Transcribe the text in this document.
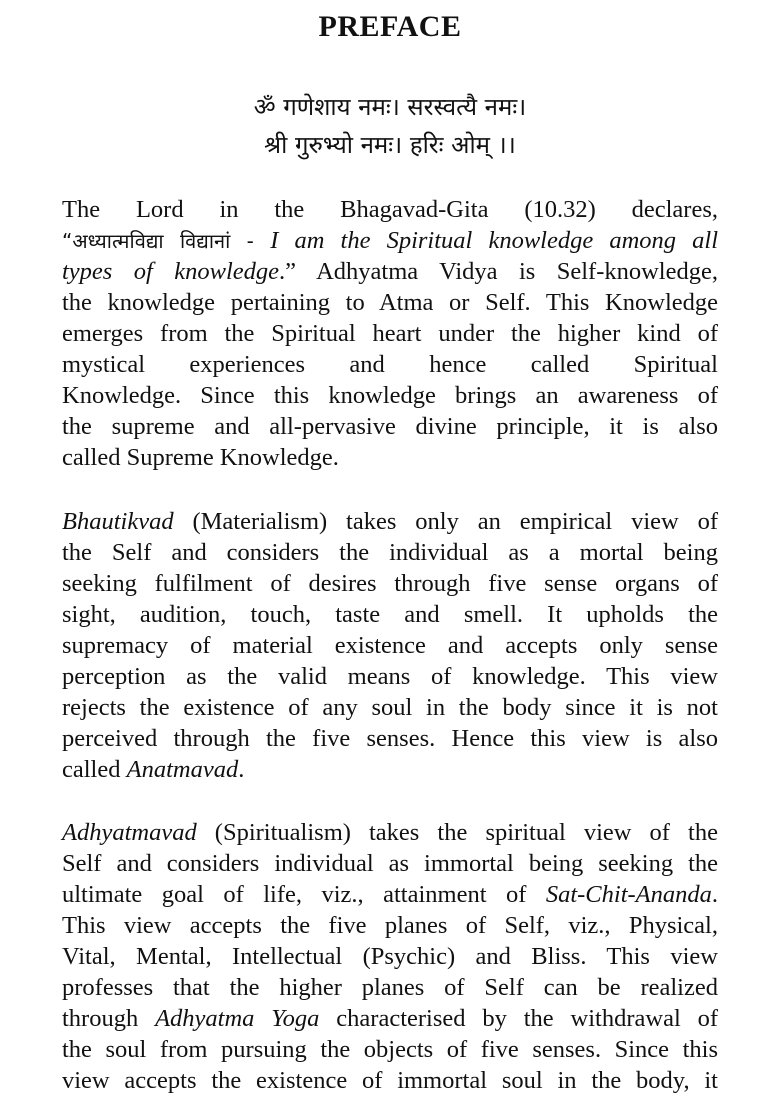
PREFACE
ॐ गणेशाय नमः। सरस्वत्यै नमः।
श्री गुरुभ्यो नमः। हरिः ओम् ।।
The Lord in the Bhagavad-Gita (10.32) declares,
“अध्यात्मविद्या विद्यानां - I am the Spiritual knowledge among all
types of knowledge.” Adhyatma Vidya is Self-knowledge,
the knowledge pertaining to Atma or Self. This Knowledge
emerges from the Spiritual heart under the higher kind of
mystical experiences and hence called Spiritual
Knowledge. Since this knowledge brings an awareness of
the supreme and all-pervasive divine principle, it is also
called Supreme Knowledge.
Bhautikvad (Materialism) takes only an empirical view of
the Self and considers the individual as a mortal being
seeking fulfilment of desires through five sense organs of
sight, audition, touch, taste and smell. It upholds the
supremacy of material existence and accepts only sense
perception as the valid means of knowledge. This view
rejects the existence of any soul in the body since it is not
perceived through the five senses. Hence this view is also
called Anatmavad.
Adhyatmavad (Spiritualism) takes the spiritual view of the
Self and considers individual as immortal being seeking the
ultimate goal of life, viz., attainment of Sat-Chit-Ananda.
This view accepts the five planes of Self, viz., Physical,
Vital, Mental, Intellectual (Psychic) and Bliss. This view
professes that the higher planes of Self can be realized
through Adhyatma Yoga characterised by the withdrawal of
the soul from pursuing the objects of five senses. Since this
view accepts the existence of immortal soul in the body, it
